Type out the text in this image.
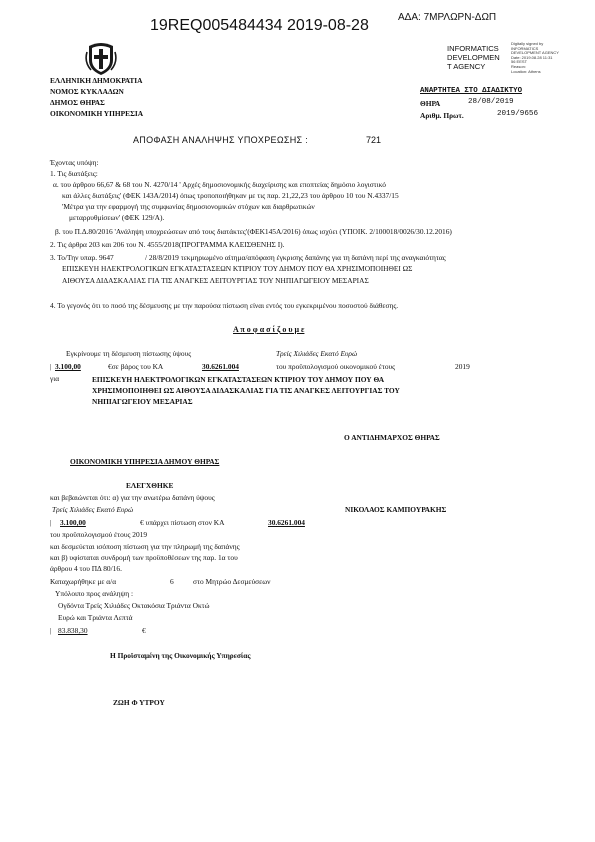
19REQ005484434 2019-08-28	ΑΔΑ: 7ΜΡΛΩΡΝ-ΔΩΠ
INFORMATICS
DEVELOPMEN
T AGENCY
Digitally signed by
INFORMATICS
DEVELOPMENT AGENCY
Date: 2019.08.28 11:31
56 EEST
Reason:
Location: Athens
ΕΛΛΗΝΙΚΗ ΔΗΜΟΚΡΑΤΙΑ
ΝΟΜΟΣ ΚΥΚΛΑΔΩΝ
ΔΗΜΟΣ ΘΗΡΑΣ
ΟΙΚΟΝΟΜΙΚΗ ΥΠΗΡΕΣΙΑ
ΑΝΑΡΤΗΤΕΑ ΣΤΟ ΔΙΑΔΙΚΤΥΟ
ΘΗΡΑ	28/08/2019
Αριθμ. Πρωτ.	2019/9656
ΑΠΟΦΑΣΗ ΑΝΑΛΗΨΗΣ ΥΠΟΧΡΕΩΣΗΣ :	721
Έχοντας υπόψη:
1. Τις διατάξεις:
α. του άρθρου 66,67 & 68 του Ν. 4270/14 ' Αρχές δημοσιονομικής διαχείρισης και εποπτείας δημόσιο λογιστικό
και άλλες διατάξεις' (ΦΕΚ 143Α/2014) όπως τροποποιήθηκαν με τις παρ. 21,22,23 του άρθρου 10 του Ν.4337/15
'Μέτρα για την εφαρμογή της συμφωνίας δημοσιονομικών στόχων και διαρθρωτικών
μεταρρυθμίσεων' (ΦΕΚ 129/Α).
β. του Π.Δ.80/2016 'Ανάληψη υποχρεώσεων από τους διατάκτες'(ΦΕΚ145Α/2016) όπως ισχύει (ΥΠΟΙΚ. 2/100018/0026/30.12.2016)
2. Τις άρθρα 203 και 206 του Ν. 4555/2018(ΠΡΟΓΡΑΜΜΑ ΚΛΕΙΣΘΕΝΗΣ Ι).
3. Το/Την υπαρ. 9647	/ 28/8/2019 τεκμηριωμένο αίτημα/απόφαση έγκρισης δαπάνης για τη δαπάνη περί της αναγκαιότητας
ΕΠΙΣΚΕΥΗ ΗΛΕΚΤΡΟΛΟΓΙΚΩΝ ΕΓΚΑΤΑΣΤΑΣΕΩΝ ΚΤΙΡΙΟΥ ΤΟΥ ΔΗΜΟΥ ΠΟΥ ΘΑ ΧΡΗΣΙΜΟΠΟΙΗΘΕΙ ΩΣ
ΑΙΘΟΥΣΑ ΔΙΔΑΣΚΑΛΙΑΣ ΓΙΑ ΤΙΣ ΑΝΑΓΚΕΣ ΛΕΙΤΟΥΡΓΙΑΣ ΤΟΥ ΝΗΠΙΑΓΩΓΕΙΟΥ ΜΕΣΑΡΙΑΣ
4. Το γεγονός ότι το ποσό της δέσμευσης με την παρούσα πίστωση είναι εντός του εγκεκριμένου ποσοστού διάθεσης.
Α π ο φ α σ ί ζ ο υ μ ε
Εγκρίνουμε τη δέσμευση πίστωσης ύψους	Τρείς Χιλιάδες Εκατό Ευρώ
| 3.100,00	€σε βάρος του ΚΑ	30.6261.004	του προϋπολογισμού οικονομικού έτους	2019
για	ΕΠΙΣΚΕΥΗ ΗΛΕΚΤΡΟΛΟΓΙΚΩΝ ΕΓΚΑΤΑΣΤΑΣΕΩΝ ΚΤΙΡΙΟΥ ΤΟΥ ΔΗΜΟΥ ΠΟΥ ΘΑ
ΧΡΗΣΙΜΟΠΟΙΗΘΕΙ ΩΣ ΑΙΘΟΥΣΑ ΔΙΔΑΣΚΑΛΙΑΣ ΓΙΑ ΤΙΣ ΑΝΑΓΚΕΣ ΛΕΙΤΟΥΡΓΙΑΣ ΤΟΥ
ΝΗΠΙΑΓΩΓΕΙΟΥ ΜΕΣΑΡΙΑΣ
Ο ΑΝΤΙΔΗΜΑΡΧΟΣ ΘΗΡΑΣ
ΟΙΚΟΝΟΜΙΚΗ ΥΠΗΡΕΣΙΑ ΔΗΜΟΥ ΘΗΡΑΣ
ΕΛΕΓΧΘΗΚΕ
και βεβαιώνεται ότι: α) για την ανωτέρω δαπάνη ύψους
Τρείς Χιλιάδες Εκατό Ευρώ	ΝΙΚΟΛΑΟΣ ΚΑΜΠΟΥΡΑΚΗΣ
| 3.100,00	€ υπάρχει πίστωση στον ΚΑ	30.6261.004
του προϋπολογισμού έτους 2019
και δεσμεύεται ισόποση πίστωση για την πληρωμή της δαπάνης
και β) υφίσταται συνδρομή των προϋποθέσεων της παρ. 1α του
άρθρου 4 του ΠΔ 80/16.
Καταχωρήθηκε με α/α	6	στο Μητρώο Δεσμεύσεων
Υπόλοιπο προς ανάληψη :
Ογδόντα Τρείς Χιλιάδες Οκτακόσια Τριάντα Οκτώ
Ευρώ και Τριάντα Λεπτά
| 83.838,30	€
Η Προϊσταμένη της Οικονομικής Υπηρεσίας
ΖΩΗ Φ ΥΤΡΟΥ
